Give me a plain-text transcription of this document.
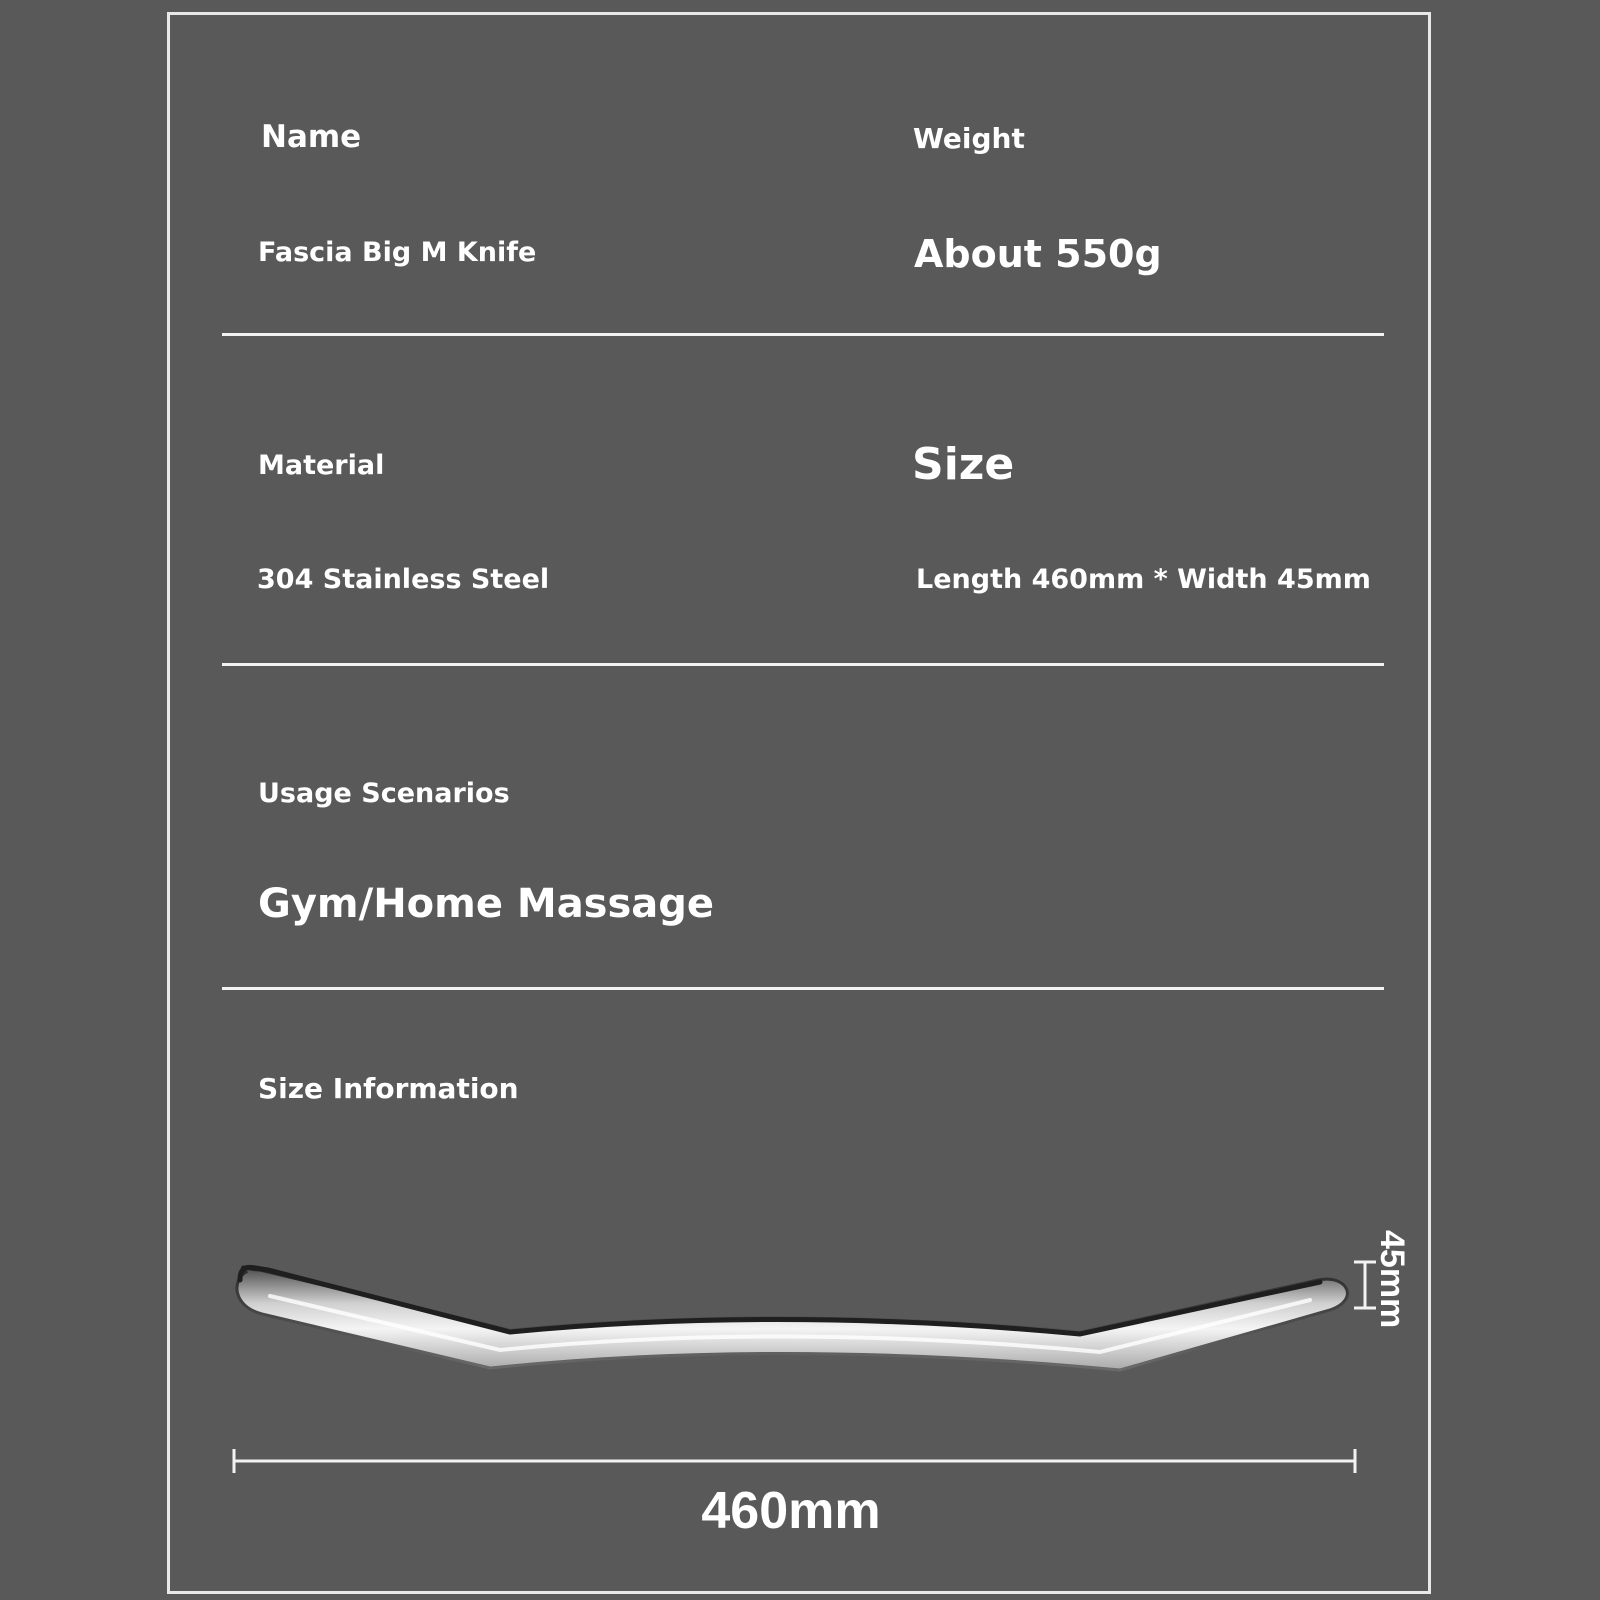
Name	Weight
Fascia Big M Knife	About 550g
Material	Size
304 Stainless Steel	Length 460mm * Width 45mm
Usage Scenarios
Gym/Home Massage
Size Information
45mm
460mm
